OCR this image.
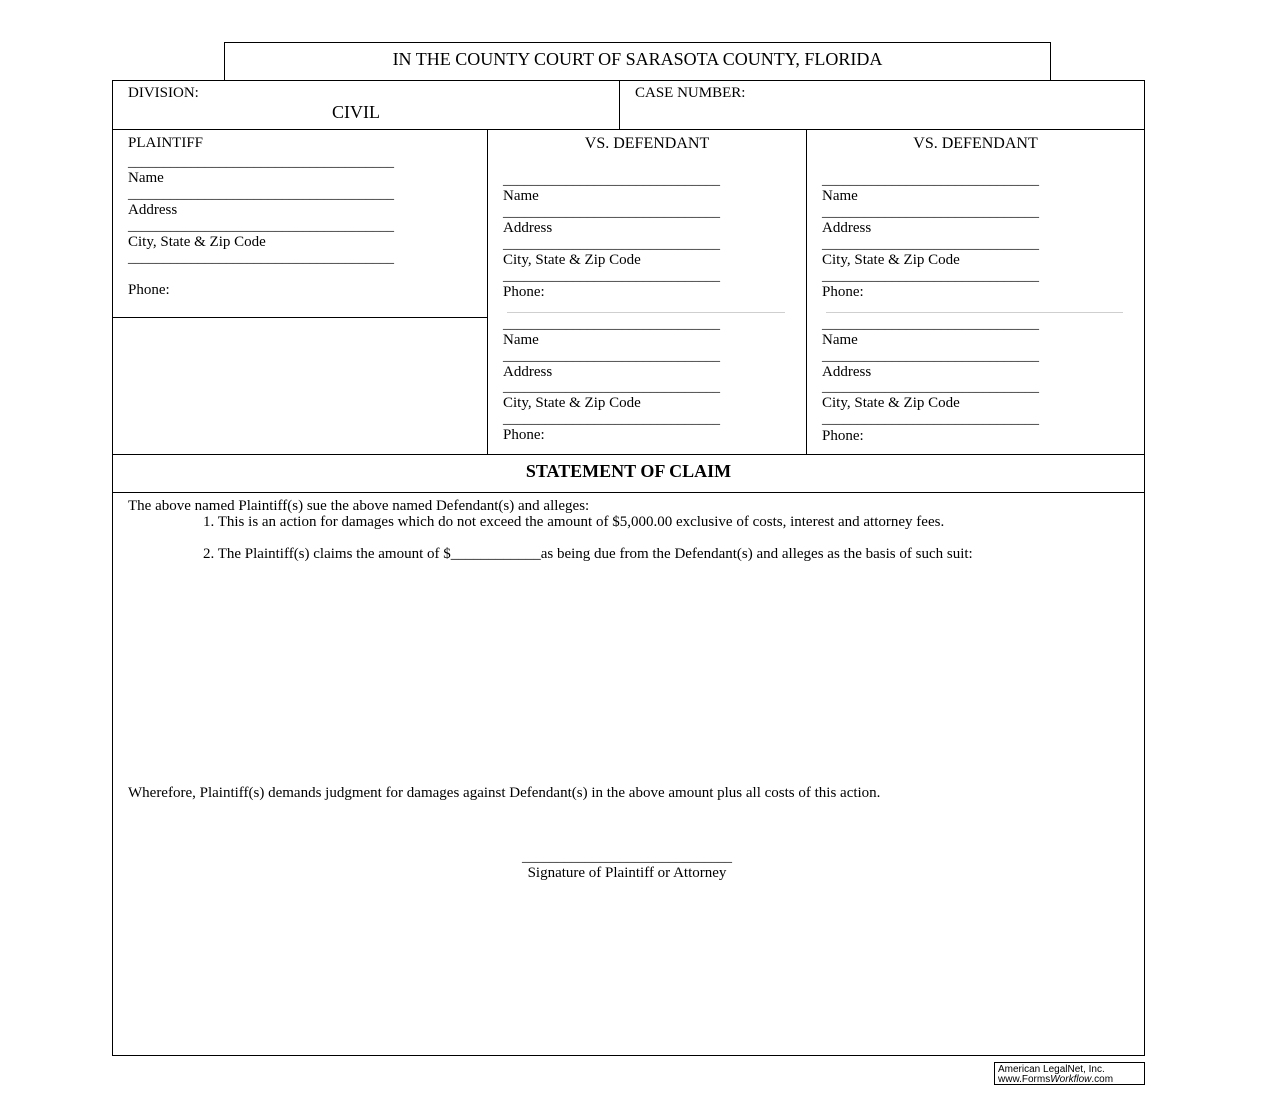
IN THE COUNTY COURT OF SARASOTA COUNTY, FLORIDA
DIVISION:
CIVIL
CASE NUMBER:
PLAINTIFF
______________________________________
Name
______________________________________
Address
______________________________________
City, State & Zip Code
______________________________________
Phone:
VS. DEFENDANT
_______________________________
Name
_______________________________
Address
_______________________________
City, State & Zip Code
_______________________________
Phone:
_______________________________
Name
_______________________________
Address
_______________________________
City, State & Zip Code
_______________________________
Phone:
VS. DEFENDANT
_______________________________
Name
_______________________________
Address
_______________________________
City, State & Zip Code
_______________________________
Phone:
_______________________________
Name
_______________________________
Address
_______________________________
City, State & Zip Code
_______________________________
Phone:
STATEMENT OF CLAIM
The above named Plaintiff(s) sue the above named Defendant(s) and alleges:
1. This is an action for damages which do not exceed the amount of $5,000.00 exclusive of costs, interest and attorney fees.
2. The Plaintiff(s) claims the amount of $____________as being due from the Defendant(s) and alleges as the basis of such suit:
Wherefore, Plaintiff(s) demands judgment for damages against Defendant(s) in the above amount plus all costs of this action.
______________________________
Signature of Plaintiff or Attorney
American LegalNet, Inc.
www.FormsWorkflow.com
